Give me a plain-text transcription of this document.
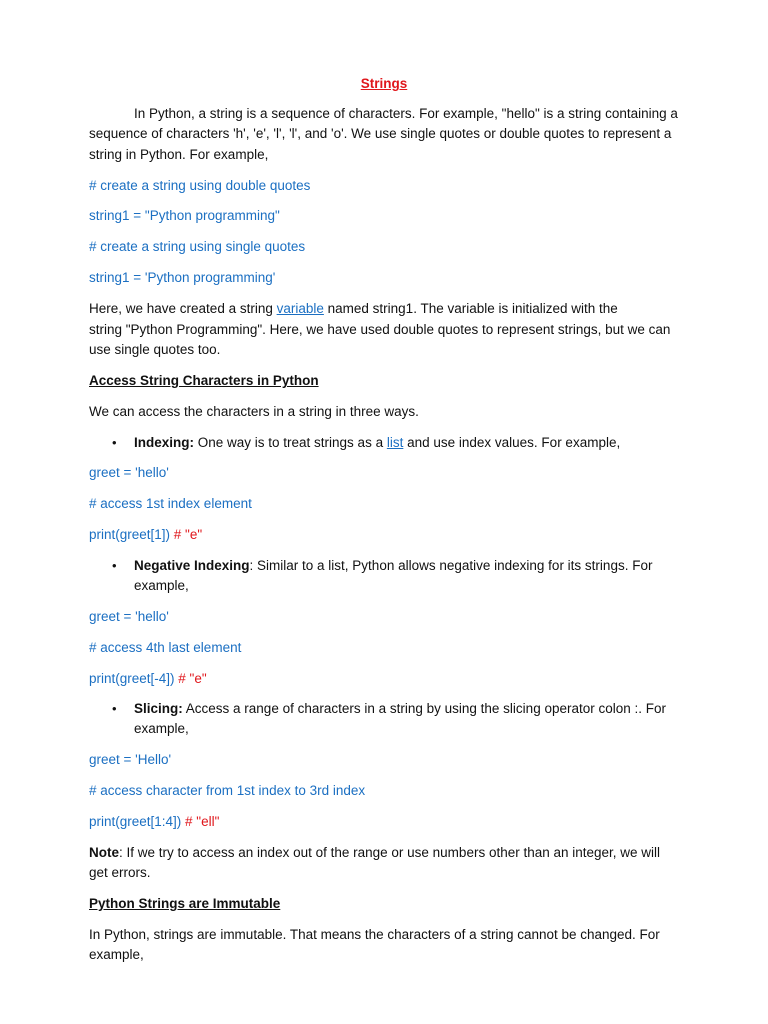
Strings
In Python, a string is a sequence of characters. For example, "hello" is a string containing a
sequence of characters 'h', 'e', 'l', 'l', and 'o'. We use single quotes or double quotes to represent a
string in Python. For example,
# create a string using double quotes
string1 = "Python programming"
# create a string using single quotes
string1 = 'Python programming'
Here, we have created a string variable named string1. The variable is initialized with the
string "Python Programming". Here, we have used double quotes to represent strings, but we can
use single quotes too.
Access String Characters in Python
We can access the characters in a string in three ways.
• Indexing: One way is to treat strings as a list and use index values. For example,
greet = 'hello'
# access 1st index element
print(greet[1]) # "e"
• Negative Indexing: Similar to a list, Python allows negative indexing for its strings. For
example,
greet = 'hello'
# access 4th last element
print(greet[-4]) # "e"
• Slicing: Access a range of characters in a string by using the slicing operator colon :. For
example,
greet = 'Hello'
# access character from 1st index to 3rd index
print(greet[1:4]) # "ell"
Note: If we try to access an index out of the range or use numbers other than an integer, we will
get errors.
Python Strings are Immutable
In Python, strings are immutable. That means the characters of a string cannot be changed. For
example,
